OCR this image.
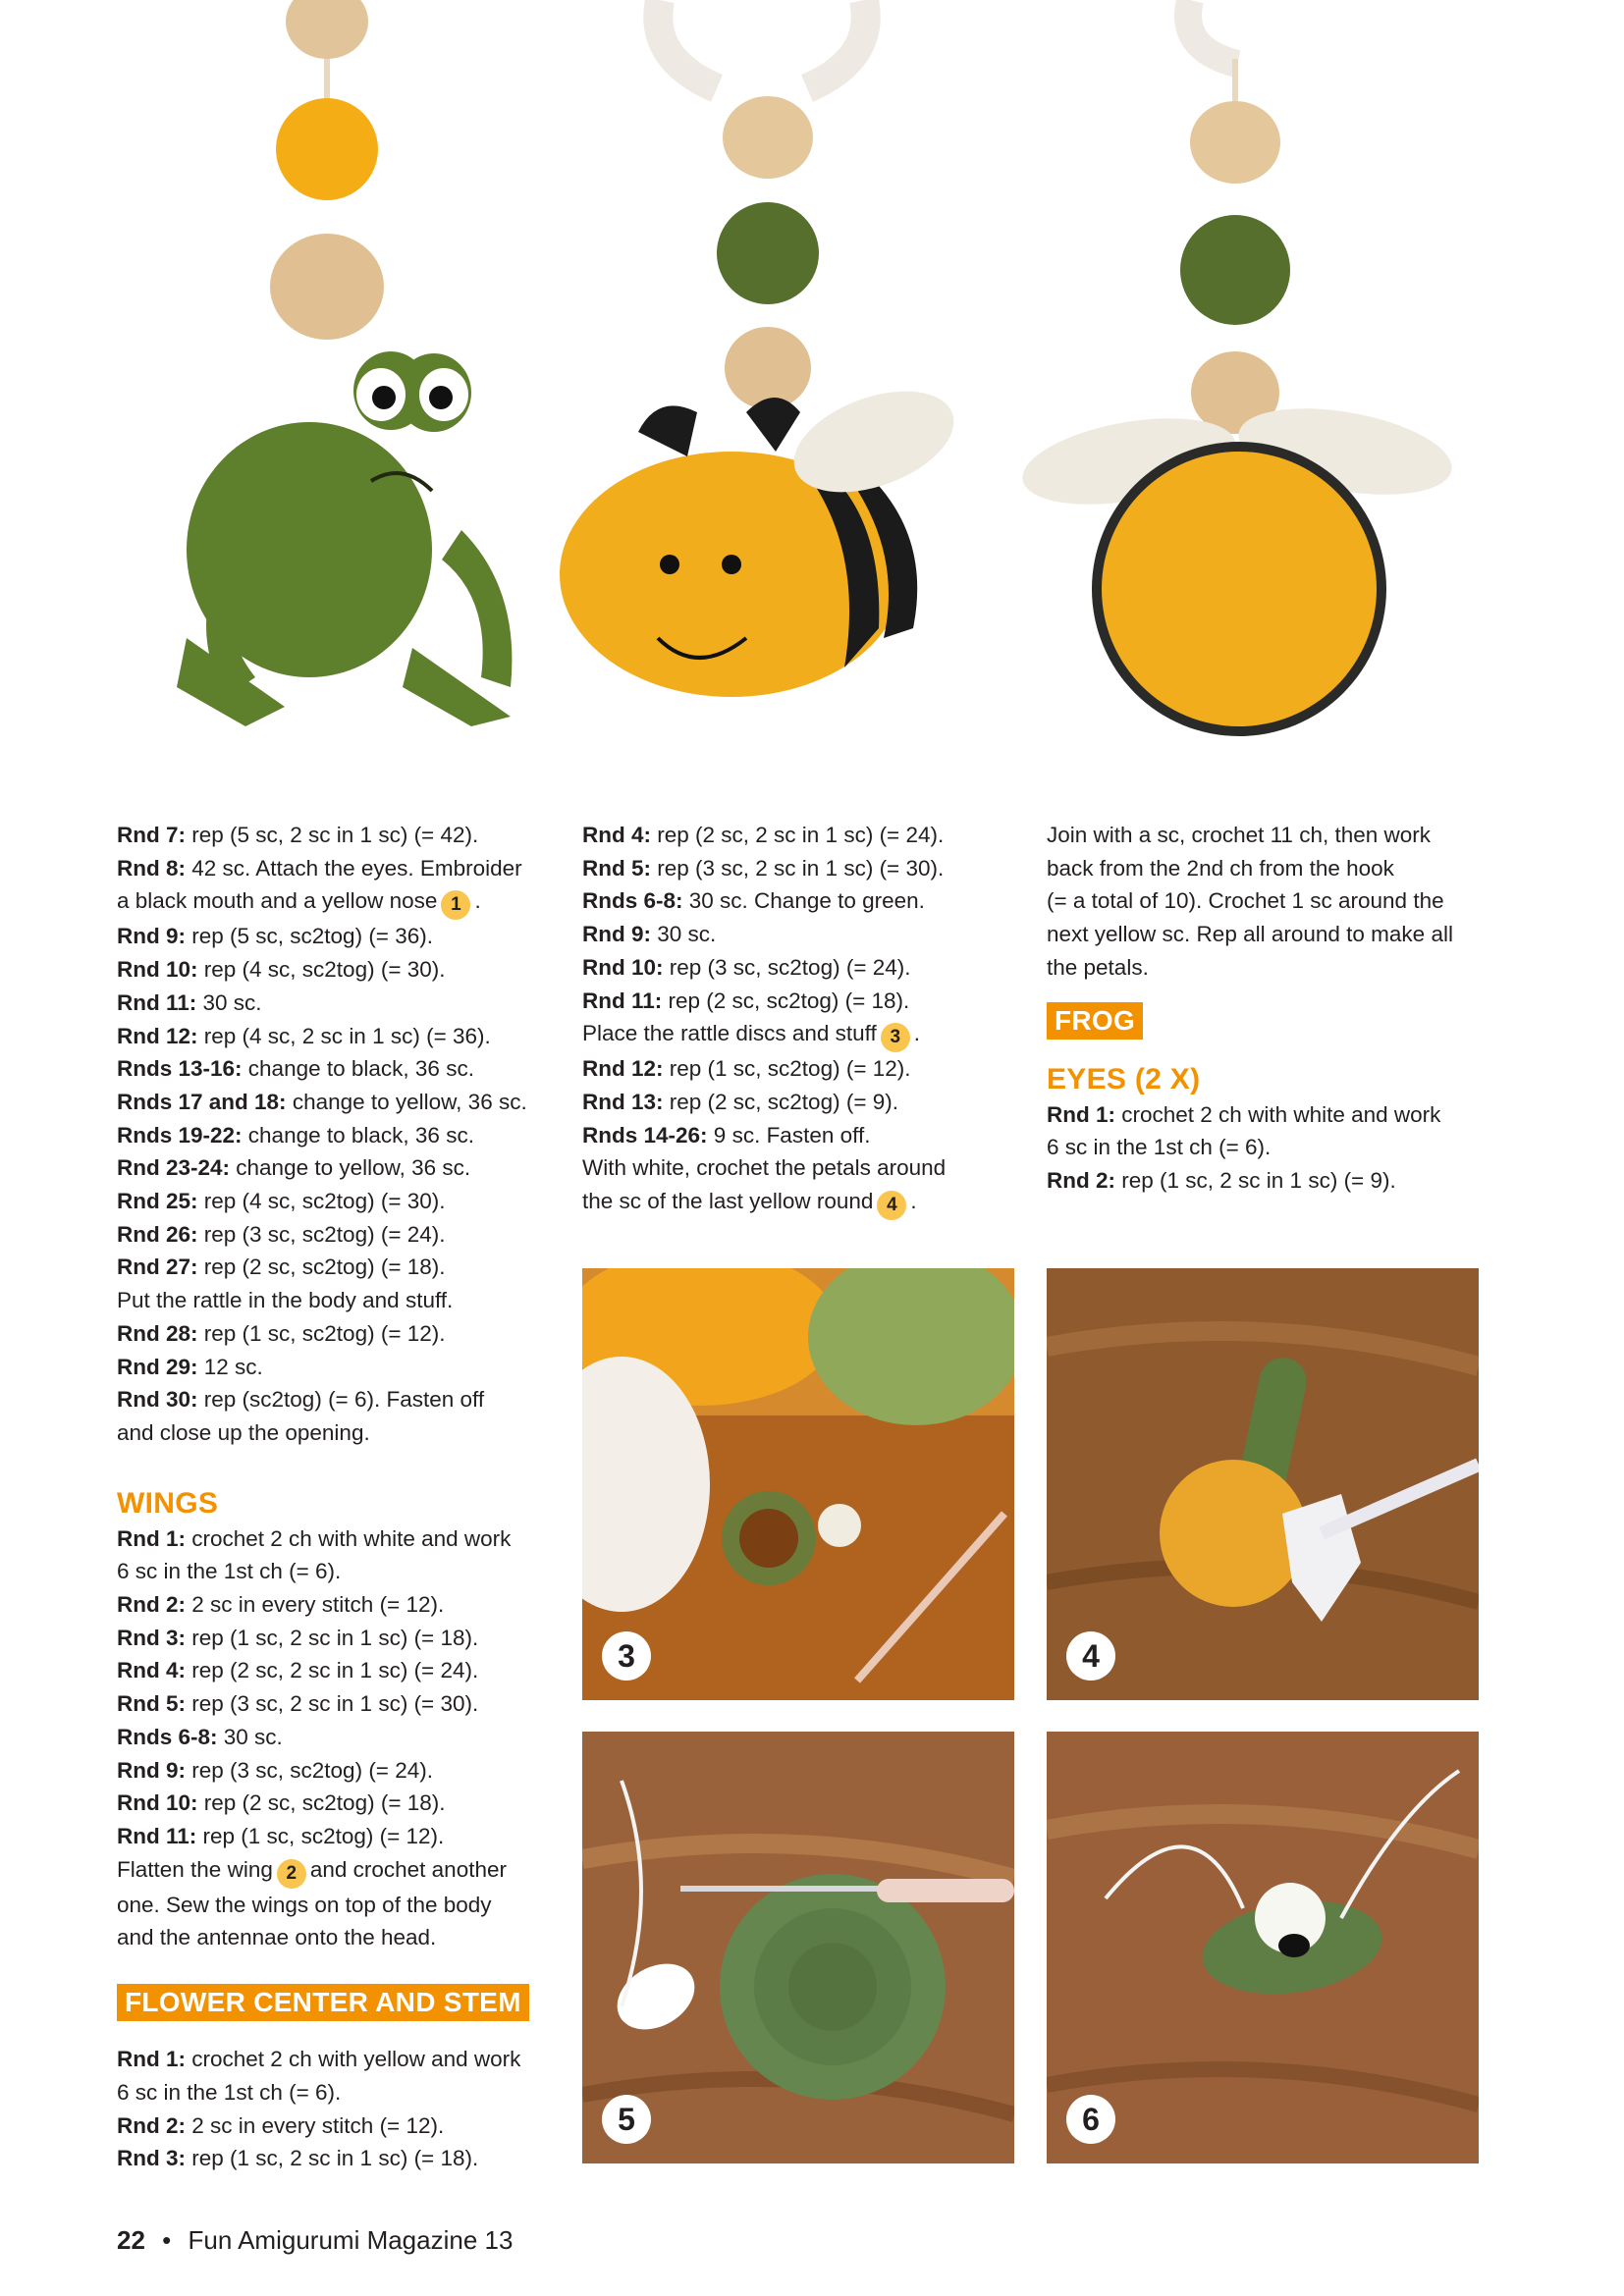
Rnd 7: rep (5 sc, 2 sc in 1 sc) (= 42).

Rnd 8: 42 sc. Attach the eyes. Embroider

a black mouth and a yellow nose 1 .

Rnd 9: rep (5 sc, sc2tog) (= 36).

Rnd 10: rep (4 sc, sc2tog) (= 30).

Rnd 11: 30 sc.

Rnd 12: rep (4 sc, 2 sc in 1 sc) (= 36).

Rnds 13-16: change to black, 36 sc.

Rnds 17 and 18: change to yellow, 36 sc.

Rnds 19-22: change to black, 36 sc.

Rnd 23-24: change to yellow, 36 sc.

Rnd 25: rep (4 sc, sc2tog) (= 30).

Rnd 26: rep (3 sc, sc2tog) (= 24).

Rnd 27: rep (2 sc, sc2tog) (= 18).

Put the rattle in the body and stuff.

Rnd 28: rep (1 sc, sc2tog) (= 12).

Rnd 29: 12 sc.

Rnd 30: rep (sc2tog) (= 6). Fasten off

and close up the opening.

WINGS

Rnd 1: crochet 2 ch with white and work

6 sc in the 1st ch (= 6).

Rnd 2: 2 sc in every stitch (= 12).

Rnd 3: rep (1 sc, 2 sc in 1 sc) (= 18).

Rnd 4: rep (2 sc, 2 sc in 1 sc) (= 24).

Rnd 5: rep (3 sc, 2 sc in 1 sc) (= 30).

Rnds 6-8: 30 sc.

Rnd 9: rep (3 sc, sc2tog) (= 24).

Rnd 10: rep (2 sc, sc2tog) (= 18).

Rnd 11: rep (1 sc, sc2tog) (= 12).

Flatten the wing 2 and crochet another

one. Sew the wings on top of the body

and the antennae onto the head.

FLOWER CENTER AND STEM

Rnd 1: crochet 2 ch with yellow and work

6 sc in the 1st ch (= 6).

Rnd 2: 2 sc in every stitch (= 12).

Rnd 3: rep (1 sc, 2 sc in 1 sc) (= 18).

Rnd 4: rep (2 sc, 2 sc in 1 sc) (= 24).

Rnd 5: rep (3 sc, 2 sc in 1 sc) (= 30).

Rnds 6-8: 30 sc. Change to green.

Rnd 9: 30 sc.

Rnd 10: rep (3 sc, sc2tog) (= 24).

Rnd 11: rep (2 sc, sc2tog) (= 18).

Place the rattle discs and stuff 3 .

Rnd 12: rep (1 sc, sc2tog) (= 12).

Rnd 13: rep (2 sc, sc2tog) (= 9).

Rnds 14-26: 9 sc. Fasten off.

With white, crochet the petals around

the sc of the last yellow round 4 .

Join with a sc, crochet 11 ch, then work

back from the 2nd ch from the hook

(= a total of 10). Crochet 1 sc around the

next yellow sc. Rep all around to make all

the petals.

FROG

EYES (2 X)

Rnd 1: crochet 2 ch with white and work

6 sc in the 1st ch (= 6).

Rnd 2: rep (1 sc, 2 sc in 1 sc) (= 9).

3	4
5	6
22 • Fun Amigurumi Magazine 13
